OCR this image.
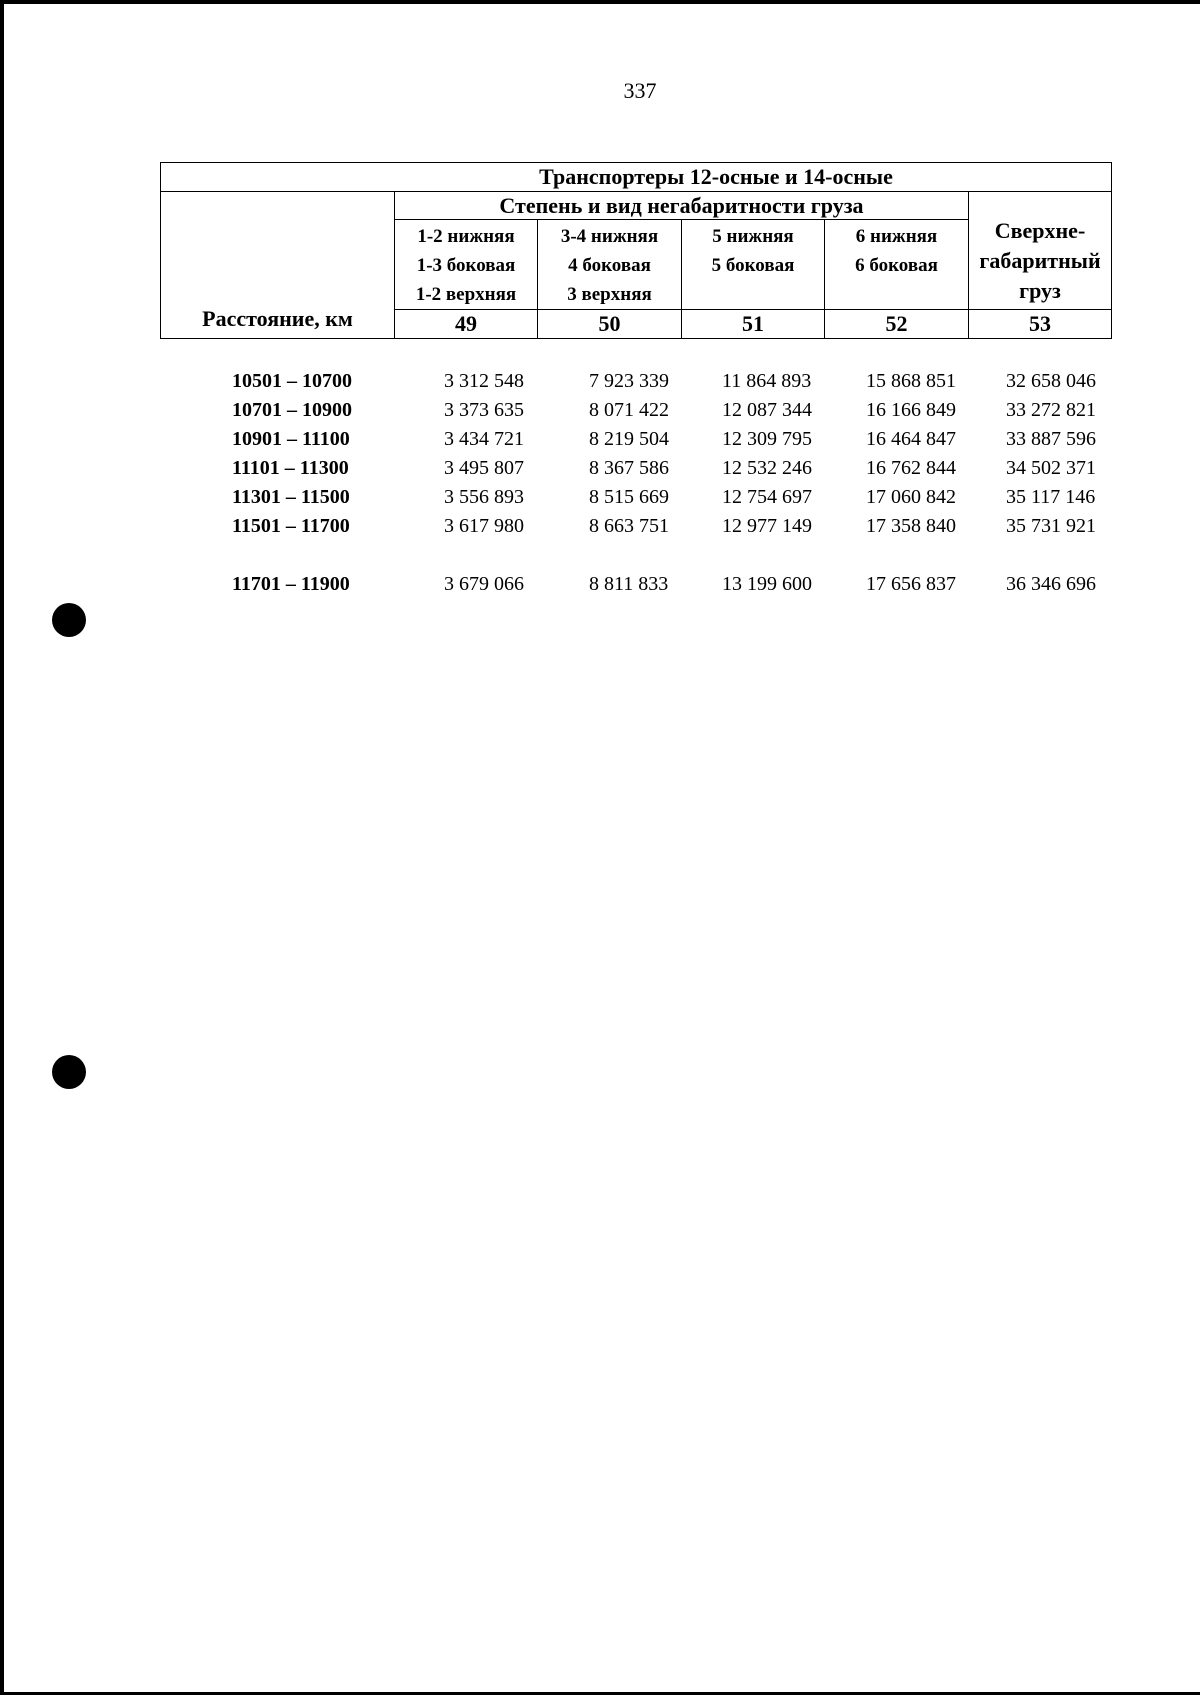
337
Транспортеры 12-осные и 14-осные					
Расстояние, км	Степень и вид негабаритности груза				Сверхне-
габаритный
груз

	1-2 нижняя
1-3 боковая
1-2 верхняя	3-4 нижняя
4 боковая
3 верхняя	5 нижняя
5 боковая	6 нижняя
6 боковая	

	49	50	51	52	53
10501 – 10700	3 312 548	7 923 339	11 864 893	15 868 851	32 658 046
10701 – 10900	3 373 635	8 071 422	12 087 344	16 166 849	33 272 821
10901 – 11100	3 434 721	8 219 504	12 309 795	16 464 847	33 887 596
11101 – 11300	3 495 807	8 367 586	12 532 246	16 762 844	34 502 371
11301 – 11500	3 556 893	8 515 669	12 754 697	17 060 842	35 117 146
11501 – 11700	3 617 980	8 663 751	12 977 149	17 358 840	35 731 921
11701 – 11900	3 679 066	8 811 833	13 199 600	17 656 837	36 346 696
